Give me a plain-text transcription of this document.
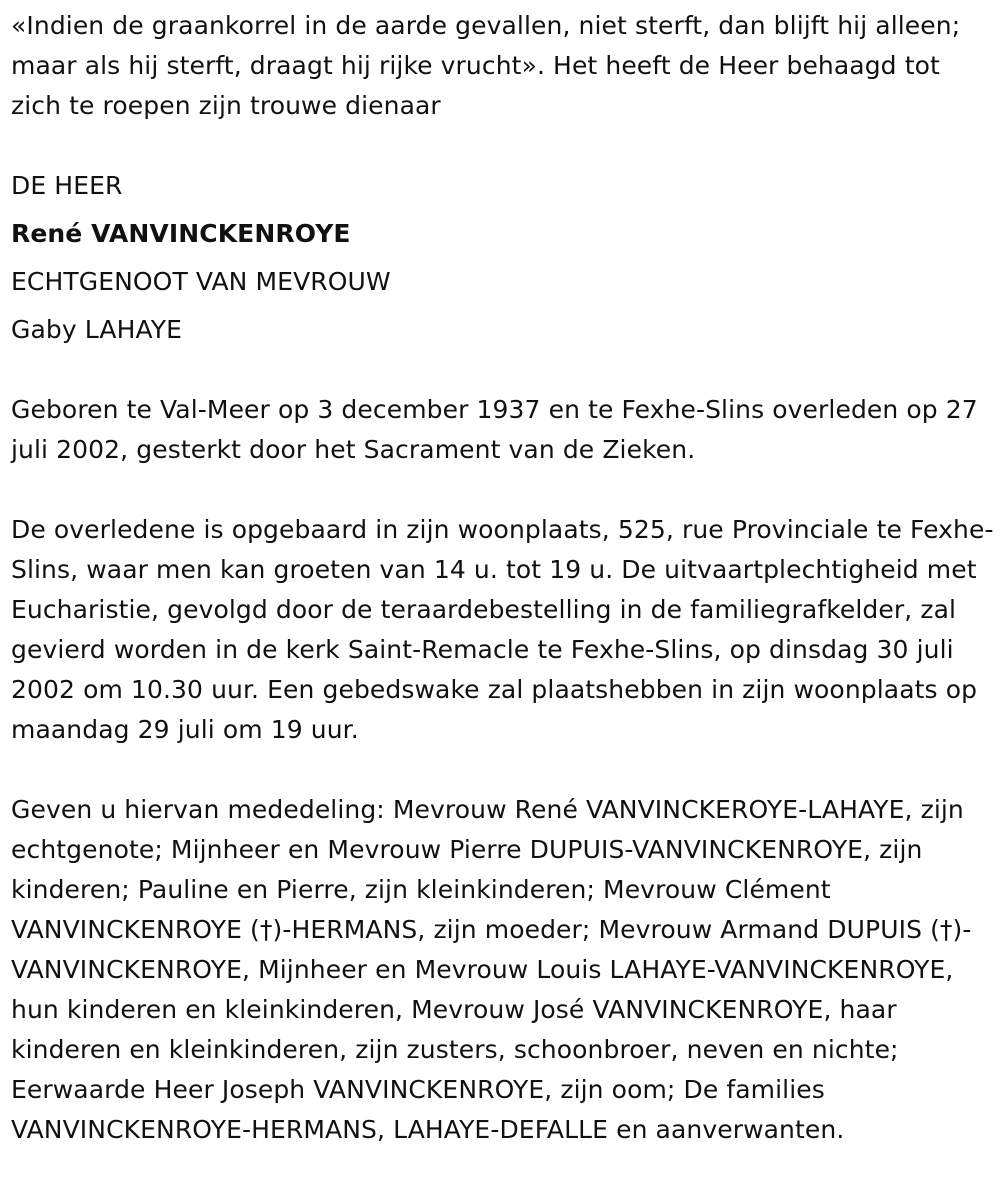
«Indien de graankorrel in de aarde gevallen, niet sterft, dan blijft hij alleen; maar als hij sterft, draagt hij rijke vrucht». Het heeft de Heer behaagd tot zich te roepen zijn trouwe dienaar

DE HEER

René VANVINCKENROYE

ECHTGENOOT VAN MEVROUW

Gaby LAHAYE

Geboren te Val-Meer op 3 december 1937 en te Fexhe-Slins overleden op 27 juli 2002, gesterkt door het Sacrament van de Zieken.

De overledene is opgebaard in zijn woonplaats, 525, rue Provinciale te Fexhe-Slins, waar men kan groeten van 14 u. tot 19 u. De uitvaartplechtigheid met Eucharistie, gevolgd door de teraardebestelling in de familiegrafkelder, zal gevierd worden in de kerk Saint-Remacle te Fexhe-Slins, op dinsdag 30 juli 2002 om 10.30 uur. Een gebedswake zal plaatshebben in zijn woonplaats op maandag 29 juli om 19 uur.

Geven u hiervan mededeling: Mevrouw René VANVINCKEROYE-LAHAYE, zijn echtgenote; Mijnheer en Mevrouw Pierre DUPUIS-VANVINCKENROYE, zijn kinderen; Pauline en Pierre, zijn kleinkinderen; Mevrouw Clément VANVINCKENROYE (†)-HERMANS, zijn moeder; Mevrouw Armand DUPUIS (†)-VANVINCKENROYE, Mijnheer en Mevrouw Louis LAHAYE-VANVINCKENROYE, hun kinderen en kleinkinderen, Mevrouw José VANVINCKENROYE, haar kinderen en kleinkinderen, zijn zusters, schoonbroer, neven en nichte; Eerwaarde Heer Joseph VANVINCKENROYE, zijn oom; De families VANVINCKENROYE-HERMANS, LAHAYE-DEFALLE en aanverwanten.
